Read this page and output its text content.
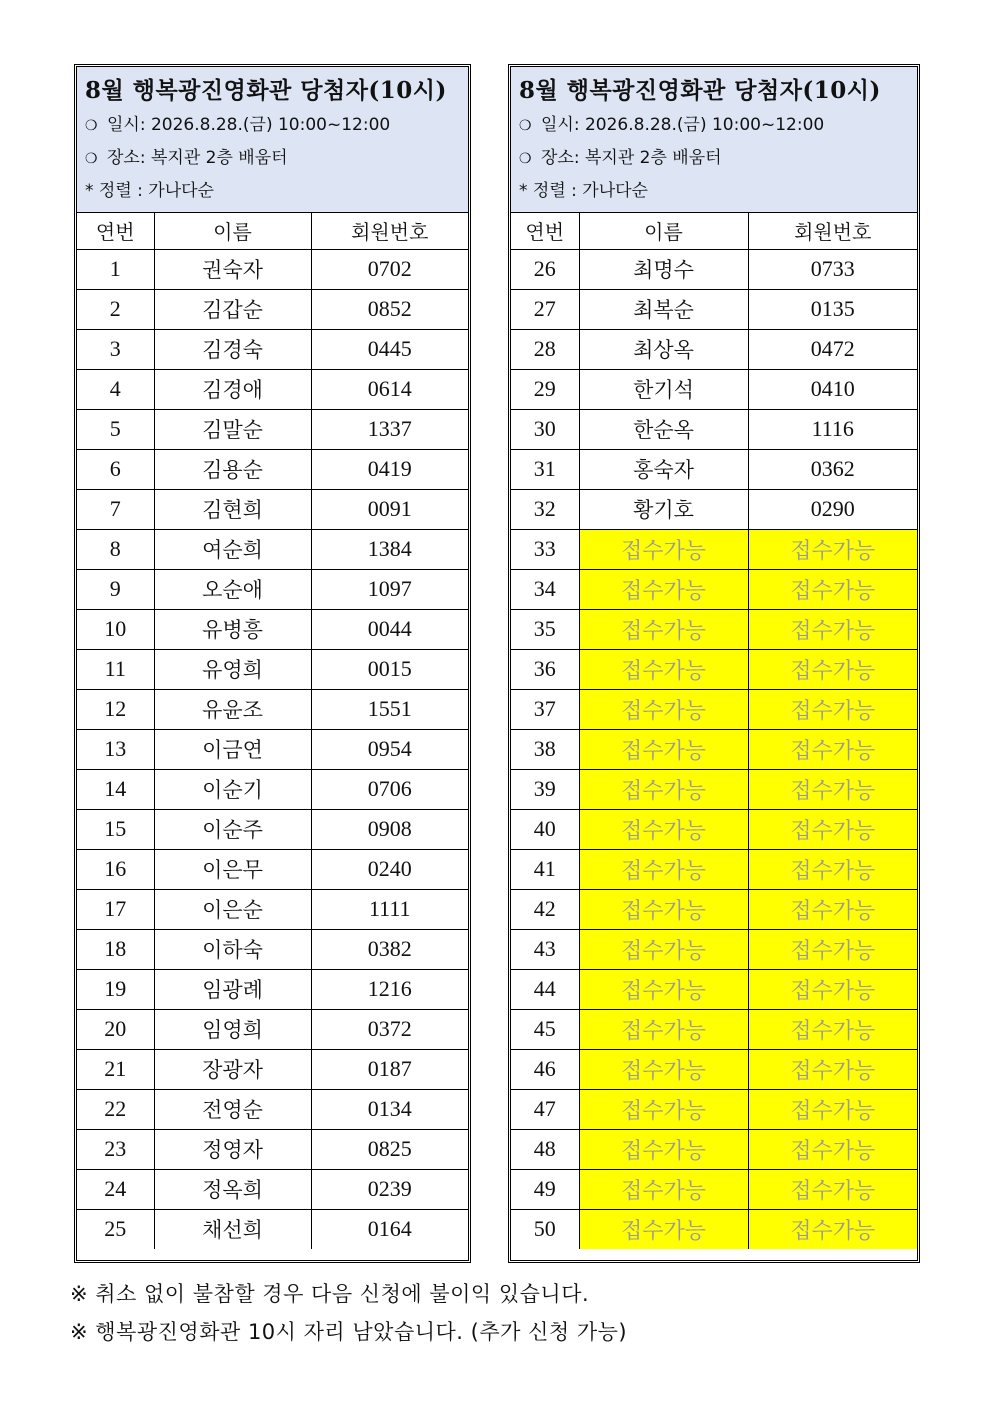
8월 행복광진영화관 당첨자(10시)
❍ 일시: 2026.8.28.(금) 10:00~12:00
❍ 장소: 복지관 2층 배움터
* 정렬 : 가나다순
연번	이름	회원번호
1	권숙자	0702
2	김갑순	0852
3	김경숙	0445
4	김경애	0614
5	김말순	1337
6	김용순	0419
7	김현희	0091
8	여순희	1384
9	오순애	1097
10	유병흥	0044
11	유영희	0015
12	유윤조	1551
13	이금연	0954
14	이순기	0706
15	이순주	0908
16	이은무	0240
17	이은순	1111
18	이하숙	0382
19	임광례	1216
20	임영희	0372
21	장광자	0187
22	전영순	0134
23	정영자	0825
24	정옥희	0239
25	채선희	0164
8월 행복광진영화관 당첨자(10시)
❍ 일시: 2026.8.28.(금) 10:00~12:00
❍ 장소: 복지관 2층 배움터
* 정렬 : 가나다순
연번	이름	회원번호
26	최명수	0733
27	최복순	0135
28	최상옥	0472
29	한기석	0410
30	한순옥	1116
31	홍숙자	0362
32	황기호	0290
33	접수가능	접수가능
34	접수가능	접수가능
35	접수가능	접수가능
36	접수가능	접수가능
37	접수가능	접수가능
38	접수가능	접수가능
39	접수가능	접수가능
40	접수가능	접수가능
41	접수가능	접수가능
42	접수가능	접수가능
43	접수가능	접수가능
44	접수가능	접수가능
45	접수가능	접수가능
46	접수가능	접수가능
47	접수가능	접수가능
48	접수가능	접수가능
49	접수가능	접수가능
50	접수가능	접수가능
※ 취소 없이 불참할 경우 다음 신청에 불이익 있습니다.
※ 행복광진영화관 10시 자리 남았습니다. (추가 신청 가능)
